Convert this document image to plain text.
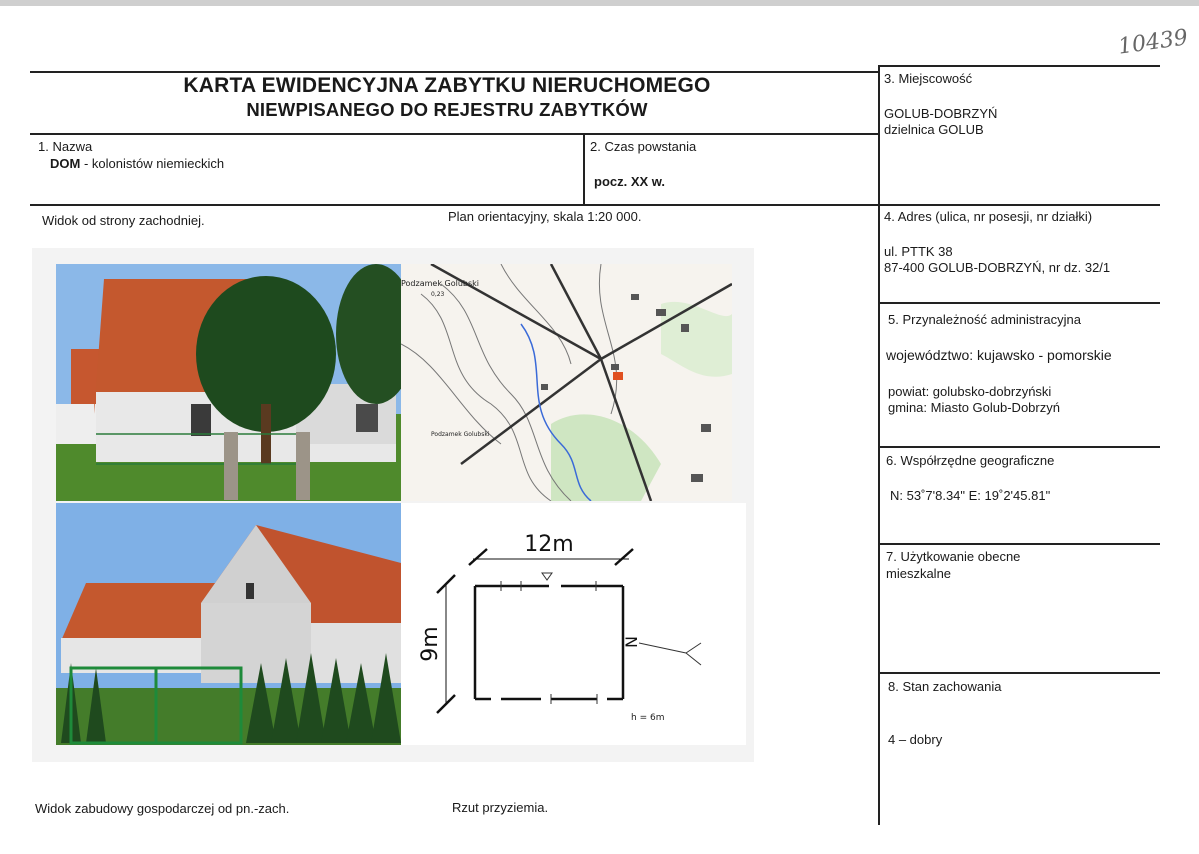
10439
KARTA EWIDENCYJNA ZABYTKU NIERUCHOMEGO
NIEWPISANEGO DO REJESTRU ZABYTKÓW
1. Nazwa
DOM - kolonistów niemieckich
2. Czas powstania
pocz. XX w.
3. Miejscowość
GOLUB-DOBRZYŃ
dzielnica GOLUB
4. Adres (ulica, nr posesji, nr działki)
ul. PTTK 38
87-400 GOLUB-DOBRZYŃ, nr dz. 32/1
5. Przynależność administracyjna
województwo: kujawsko - pomorskie
powiat: golubsko-dobrzyński
gmina: Miasto Golub-Dobrzyń
6. Współrzędne geograficzne
N: 53˚7'8.34" E: 19˚2'45.81"
7. Użytkowanie obecne
mieszkalne
8. Stan zachowania
4 – dobry
Widok od strony zachodniej.	Plan orientacyjny, skala 1:20 000.
Widok zabudowy gospodarczej od pn.-zach.	Rzut przyziemia.
Podzamek Golubski
Podzamek Golubski
0,23
12m
9m	N
h = 6m
